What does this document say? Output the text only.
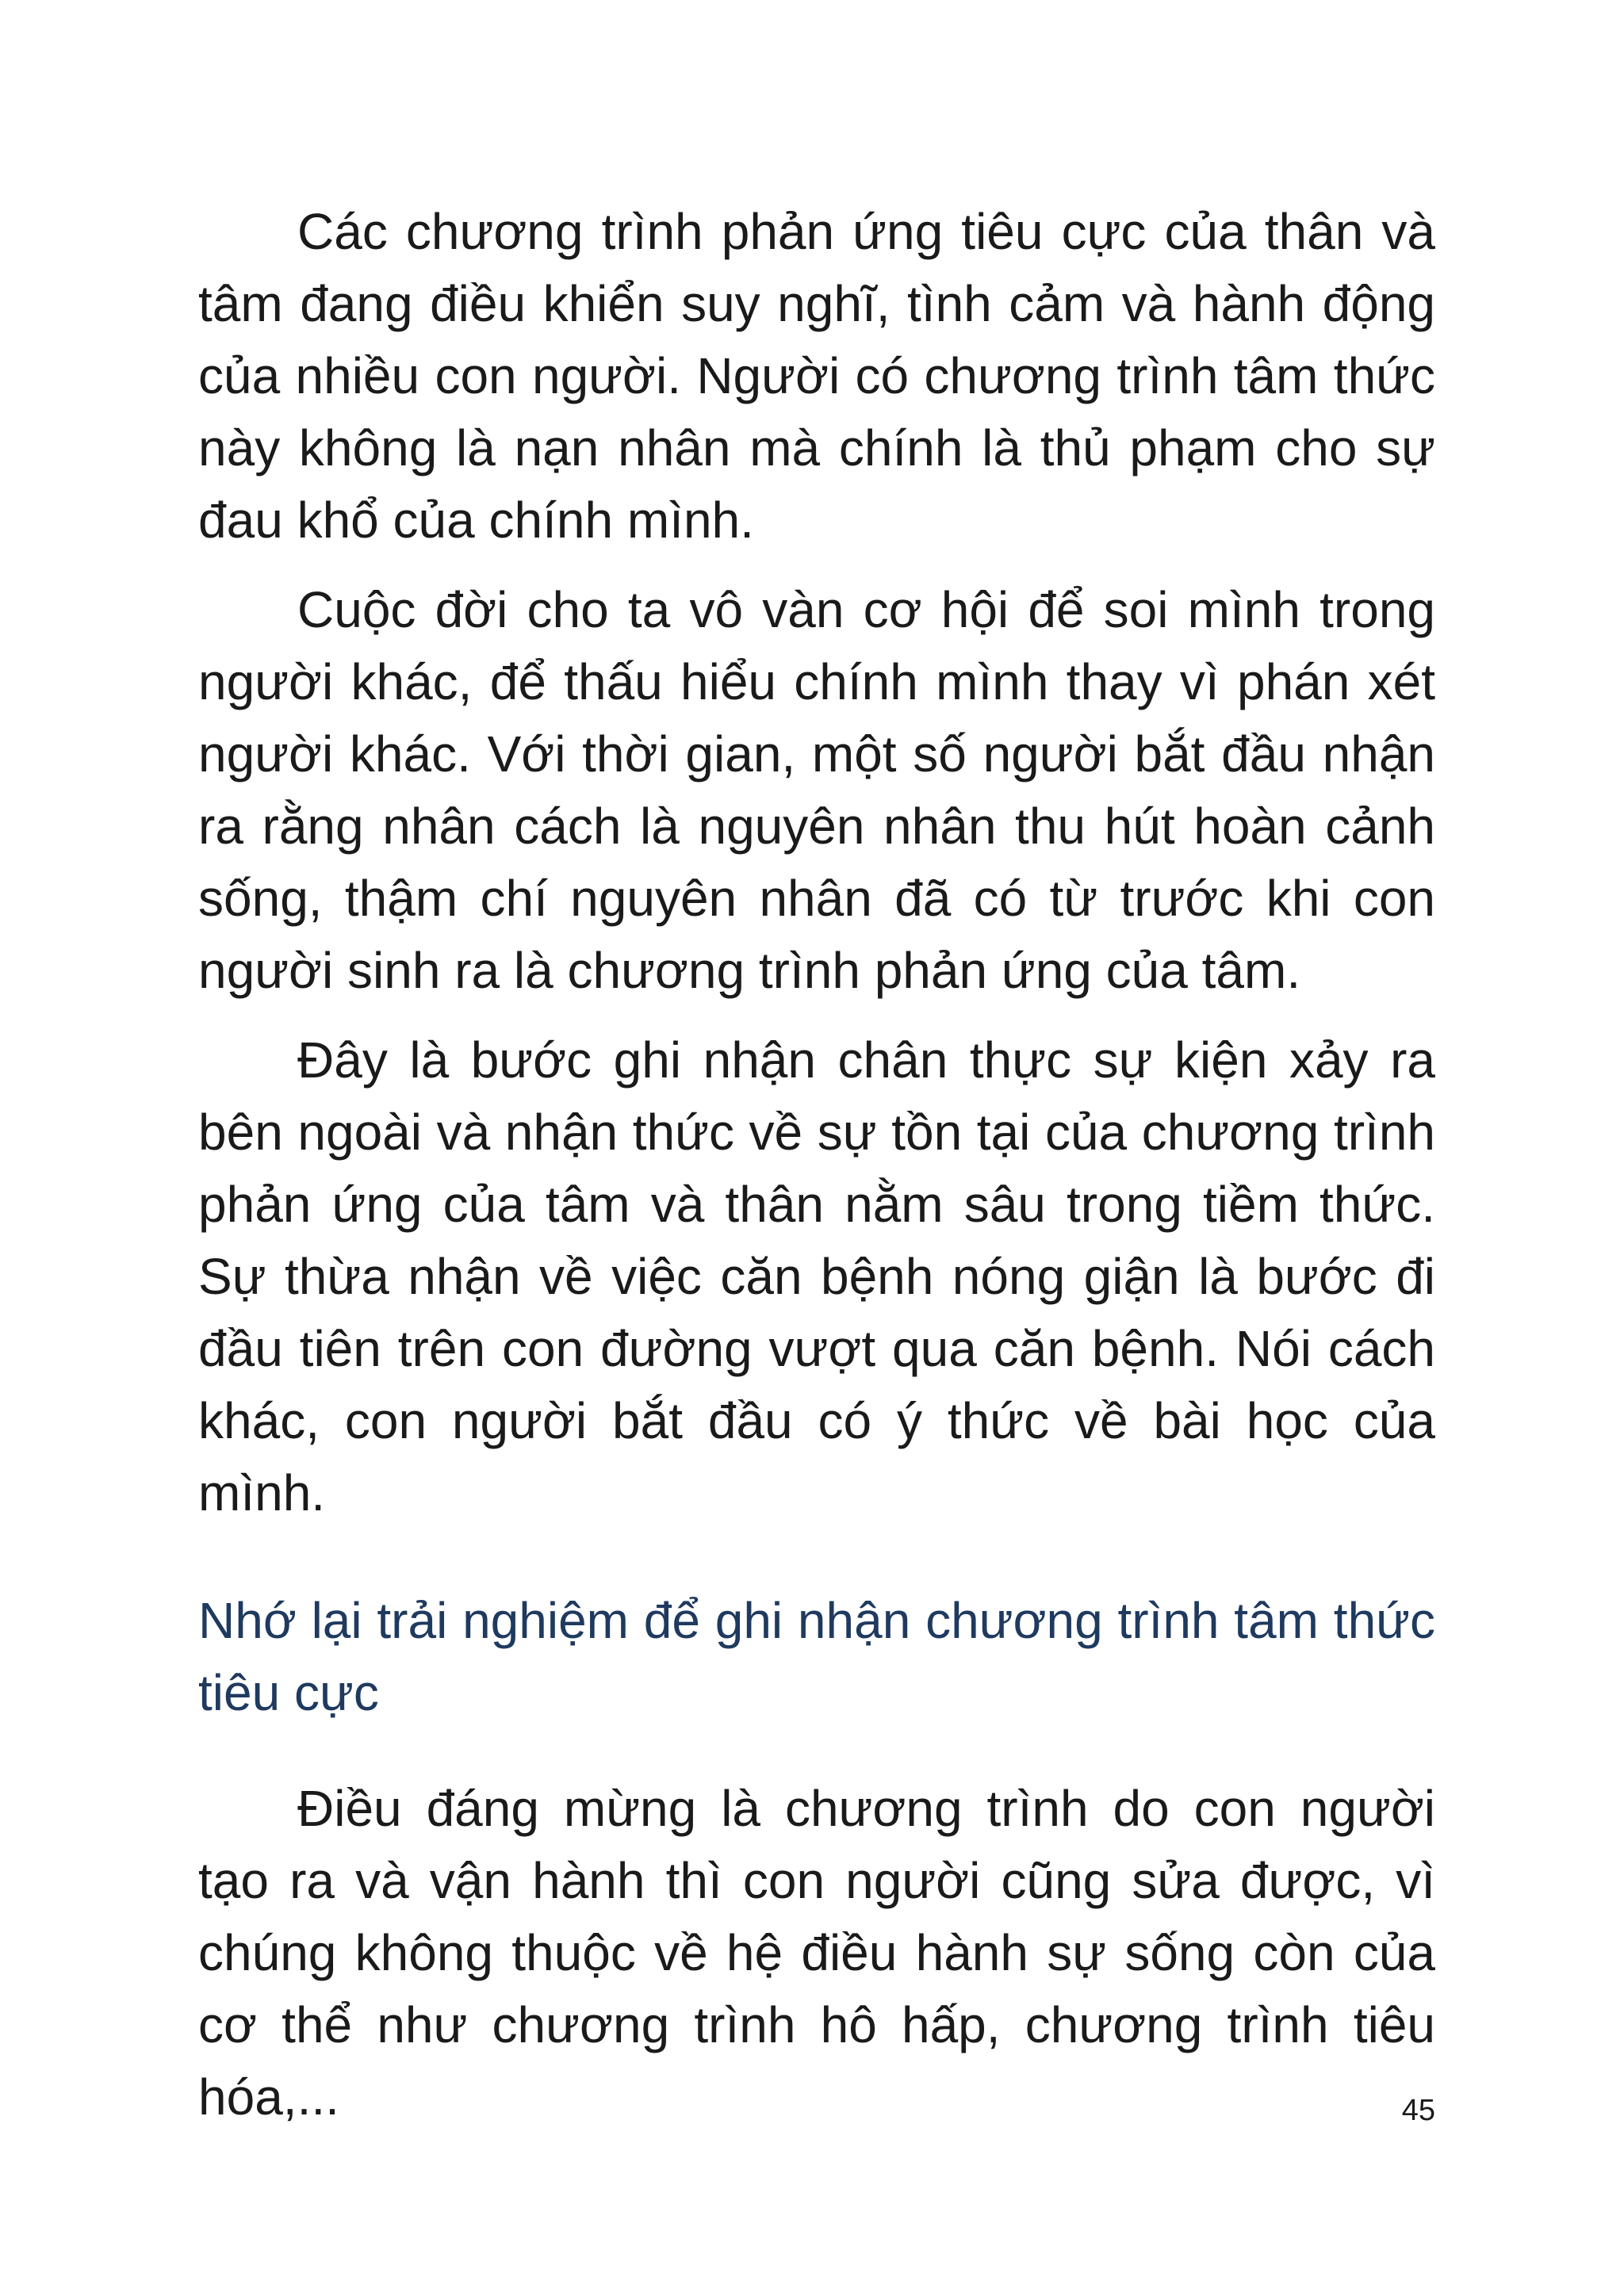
Các chương trình phản ứng tiêu cực của thân và tâm đang điều khiển suy nghĩ, tình cảm và hành động của nhiều con người. Người có chương trình tâm thức này không là nạn nhân mà chính là thủ phạm cho sự đau khổ của chính mình.

Cuộc đời cho ta vô vàn cơ hội để soi mình trong người khác, để thấu hiểu chính mình thay vì phán xét người khác. Với thời gian, một số người bắt đầu nhận ra rằng nhân cách là nguyên nhân thu hút hoàn cảnh sống, thậm chí nguyên nhân đã có từ trước khi con người sinh ra là chương trình phản ứng của tâm.

Đây là bước ghi nhận chân thực sự kiện xảy ra bên ngoài và nhận thức về sự tồn tại của chương trình phản ứng của tâm và thân nằm sâu trong tiềm thức. Sự thừa nhận về việc căn bệnh nóng giận là bước đi đầu tiên trên con đường vượt qua căn bệnh. Nói cách khác, con người bắt đầu có ý thức về bài học của mình.

Nhớ lại trải nghiệm để ghi nhận chương trình tâm thức tiêu cực

Điều đáng mừng là chương trình do con người tạo ra và vận hành thì con người cũng sửa được, vì chúng không thuộc về hệ điều hành sự sống còn của cơ thể như chương trình hô hấp, chương trình tiêu hóa,...	45
